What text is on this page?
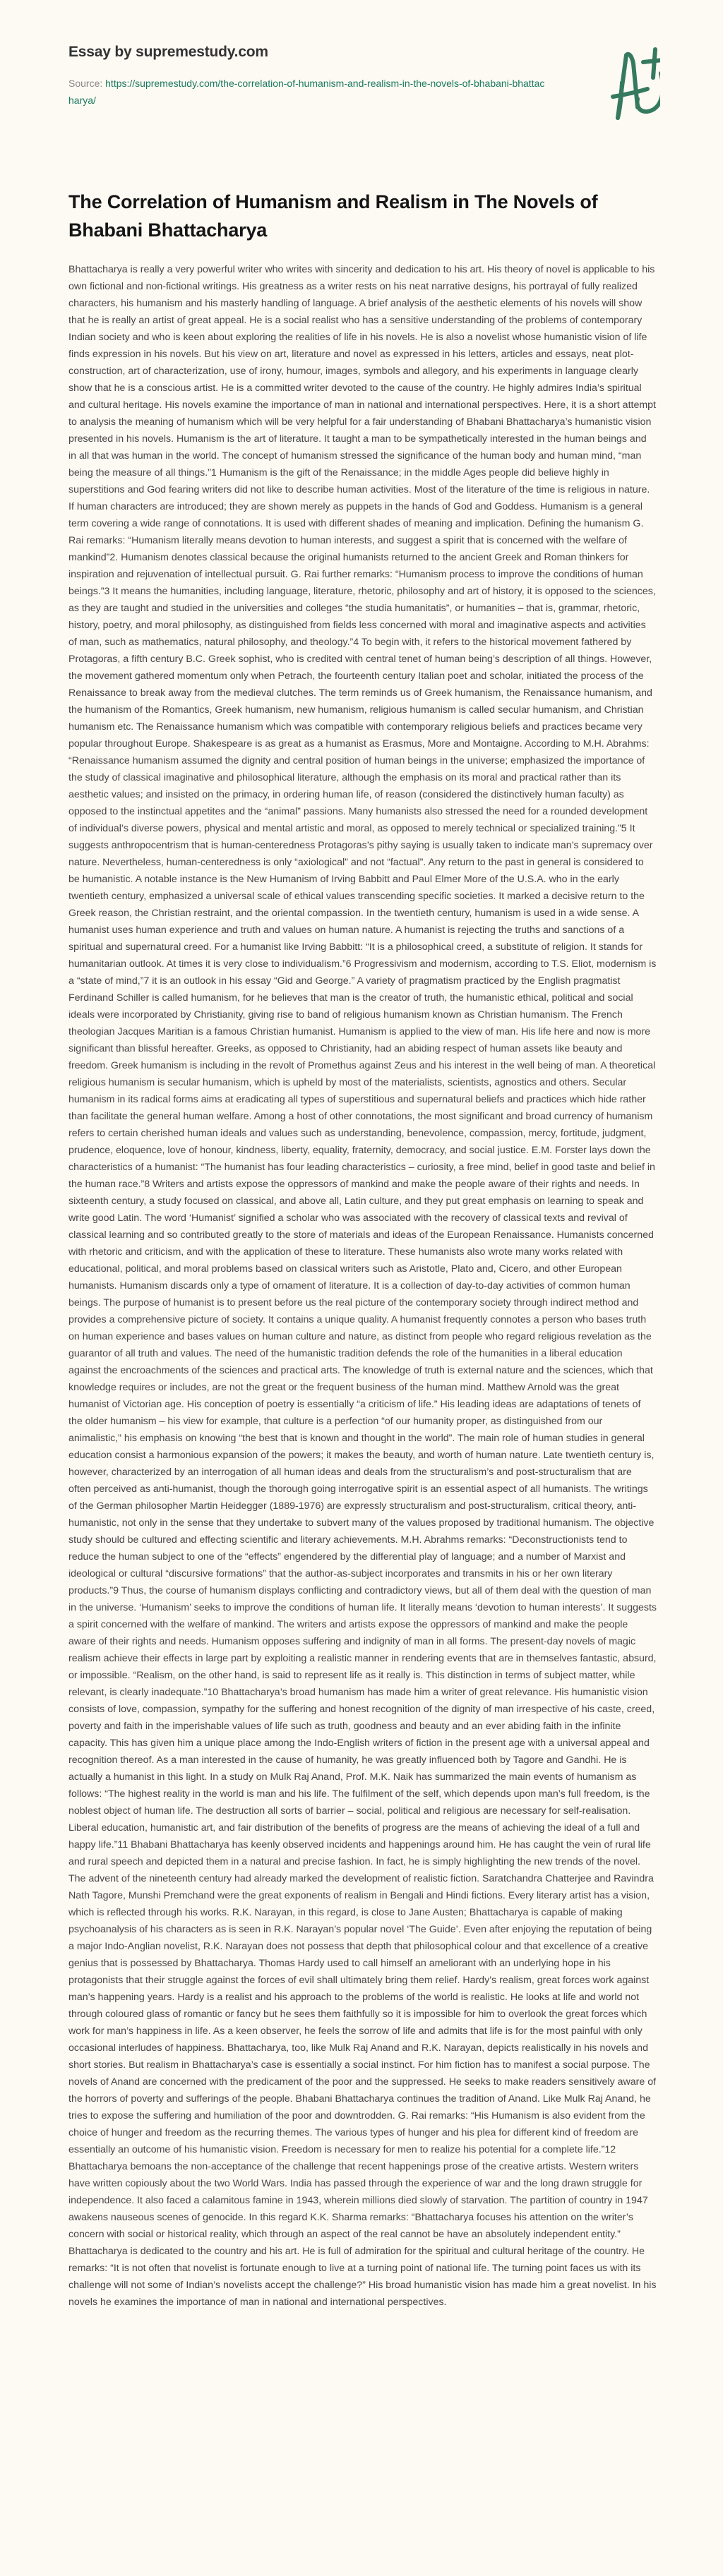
Essay by supremestudy.com
Source: https://supremestudy.com/the-correlation-of-humanism-and-realism-in-the-novels-of-bhabani-bhattacharya/
The Correlation of Humanism and Realism in The Novels of Bhabani Bhattacharya

Bhattacharya is really a very powerful writer who writes with sincerity and dedication to his art. His theory of novel is applicable to his own fictional and non-fictional writings. His greatness as a writer rests on his neat narrative designs, his portrayal of fully realized characters, his humanism and his masterly handling of language. A brief analysis of the aesthetic elements of his novels will show that he is really an artist of great appeal. He is a social realist who has a sensitive understanding of the problems of contemporary Indian society and who is keen about exploring the realities of life in his novels. He is also a novelist whose humanistic vision of life finds expression in his novels. But his view on art, literature and novel as expressed in his letters, articles and essays, neat plot-construction, art of characterization, use of irony, humour, images, symbols and allegory, and his experiments in language clearly show that he is a conscious artist. He is a committed writer devoted to the cause of the country. He highly admires India’s spiritual and cultural heritage. His novels examine the importance of man in national and international perspectives. Here, it is a short attempt to analysis the meaning of humanism which will be very helpful for a fair understanding of Bhabani Bhattacharya’s humanistic vision presented in his novels. Humanism is the art of literature. It taught a man to be sympathetically interested in the human beings and in all that was human in the world. The concept of humanism stressed the significance of the human body and human mind, “man being the measure of all things.”1 Humanism is the gift of the Renaissance; in the middle Ages people did believe highly in superstitions and God fearing writers did not like to describe human activities. Most of the literature of the time is religious in nature. If human characters are introduced; they are shown merely as puppets in the hands of God and Goddess. Humanism is a general term covering a wide range of connotations. It is used with different shades of meaning and implication. Defining the humanism G. Rai remarks: “Humanism literally means devotion to human interests, and suggest a spirit that is concerned with the welfare of mankind”2. Humanism denotes classical because the original humanists returned to the ancient Greek and Roman thinkers for inspiration and rejuvenation of intellectual pursuit. G. Rai further remarks: “Humanism process to improve the conditions of human beings.”3 It means the humanities, including language, literature, rhetoric, philosophy and art of history, it is opposed to the sciences, as they are taught and studied in the universities and colleges “the studia humanitatis”, or humanities – that is, grammar, rhetoric, history, poetry, and moral philosophy, as distinguished from fields less concerned with moral and imaginative aspects and activities of man, such as mathematics, natural philosophy, and theology.”4 To begin with, it refers to the historical movement fathered by Protagoras, a fifth century B.C. Greek sophist, who is credited with central tenet of human being’s description of all things. However, the movement gathered momentum only when Petrach, the fourteenth century Italian poet and scholar, initiated the process of the Renaissance to break away from the medieval clutches. The term reminds us of Greek humanism, the Renaissance humanism, and the humanism of the Romantics, Greek humanism, new humanism, religious humanism is called secular humanism, and Christian humanism etc. The Renaissance humanism which was compatible with contemporary religious beliefs and practices became very popular throughout Europe. Shakespeare is as great as a humanist as Erasmus, More and Montaigne. According to M.H. Abrahms: “Renaissance humanism assumed the dignity and central position of human beings in the universe; emphasized the importance of the study of classical imaginative and philosophical literature, although the emphasis on its moral and practical rather than its aesthetic values; and insisted on the primacy, in ordering human life, of reason (considered the distinctively human faculty) as opposed to the instinctual appetites and the “animal” passions. Many humanists also stressed the need for a rounded development of individual’s diverse powers, physical and mental artistic and moral, as opposed to merely technical or specialized training.”5 It suggests anthropocentrism that is human-centeredness Protagoras’s pithy saying is usually taken to indicate man’s supremacy over nature. Nevertheless, human-centeredness is only “axiological” and not “factual”. Any return to the past in general is considered to be humanistic. A notable instance is the New Humanism of Irving Babbitt and Paul Elmer More of the U.S.A. who in the early twentieth century, emphasized a universal scale of ethical values transcending specific societies. It marked a decisive return to the Greek reason, the Christian restraint, and the oriental compassion. In the twentieth century, humanism is used in a wide sense. A humanist uses human experience and truth and values on human nature. A humanist is rejecting the truths and sanctions of a spiritual and supernatural creed. For a humanist like Irving Babbitt: “It is a philosophical creed, a substitute of religion. It stands for humanitarian outlook. At times it is very close to individualism.”6 Progressivism and modernism, according to T.S. Eliot, modernism is a “state of mind,”7 it is an outlook in his essay “Gid and George.” A variety of pragmatism practiced by the English pragmatist Ferdinand Schiller is called humanism, for he believes that man is the creator of truth, the humanistic ethical, political and social ideals were incorporated by Christianity, giving rise to band of religious humanism known as Christian humanism. The French theologian Jacques Maritian is a famous Christian humanist. Humanism is applied to the view of man. His life here and now is more significant than blissful hereafter. Greeks, as opposed to Christianity, had an abiding respect of human assets like beauty and freedom. Greek humanism is including in the revolt of Promethus against Zeus and his interest in the well being of man. A theoretical religious humanism is secular humanism, which is upheld by most of the materialists, scientists, agnostics and others. Secular humanism in its radical forms aims at eradicating all types of superstitious and supernatural beliefs and practices which hide rather than facilitate the general human welfare. Among a host of other connotations, the most significant and broad currency of humanism refers to certain cherished human ideals and values such as understanding, benevolence, compassion, mercy, fortitude, judgment, prudence, eloquence, love of honour, kindness, liberty, equality, fraternity, democracy, and social justice. E.M. Forster lays down the characteristics of a humanist: “The humanist has four leading characteristics – curiosity, a free mind, belief in good taste and belief in the human race.”8 Writers and artists expose the oppressors of mankind and make the people aware of their rights and needs. In sixteenth century, a study focused on classical, and above all, Latin culture, and they put great emphasis on learning to speak and write good Latin. The word ‘Humanist’ signified a scholar who was associated with the recovery of classical texts and revival of classical learning and so contributed greatly to the store of materials and ideas of the European Renaissance. Humanists concerned with rhetoric and criticism, and with the application of these to literature. These humanists also wrote many works related with educational, political, and moral problems based on classical writers such as Aristotle, Plato and, Cicero, and other European humanists. Humanism discards only a type of ornament of literature. It is a collection of day-to-day activities of common human beings. The purpose of humanist is to present before us the real picture of the contemporary society through indirect method and provides a comprehensive picture of society. It contains a unique quality. A humanist frequently connotes a person who bases truth on human experience and bases values on human culture and nature, as distinct from people who regard religious revelation as the guarantor of all truth and values. The need of the humanistic tradition defends the role of the humanities in a liberal education against the encroachments of the sciences and practical arts. The knowledge of truth is external nature and the sciences, which that knowledge requires or includes, are not the great or the frequent business of the human mind. Matthew Arnold was the great humanist of Victorian age. His conception of poetry is essentially “a criticism of life.” His leading ideas are adaptations of tenets of the older humanism – his view for example, that culture is a perfection “of our humanity proper, as distinguished from our animalistic,” his emphasis on knowing “the best that is known and thought in the world”. The main role of human studies in general education consist a harmonious expansion of the powers; it makes the beauty, and worth of human nature. Late twentieth century is, however, characterized by an interrogation of all human ideas and deals from the structuralism’s and post-structuralism that are often perceived as anti-humanist, though the thorough going interrogative spirit is an essential aspect of all humanists. The writings of the German philosopher Martin Heidegger (1889-1976) are expressly structuralism and post-structuralism, critical theory, anti-humanistic, not only in the sense that they undertake to subvert many of the values proposed by traditional humanism. The objective study should be cultured and effecting scientific and literary achievements. M.H. Abrahms remarks: “Deconstructionists tend to reduce the human subject to one of the “effects” engendered by the differential play of language; and a number of Marxist and ideological or cultural “discursive formations” that the author-as-subject incorporates and transmits in his or her own literary products.”9 Thus, the course of humanism displays conflicting and contradictory views, but all of them deal with the question of man in the universe. ‘Humanism’ seeks to improve the conditions of human life. It literally means ‘devotion to human interests’. It suggests a spirit concerned with the welfare of mankind. The writers and artists expose the oppressors of mankind and make the people aware of their rights and needs. Humanism opposes suffering and indignity of man in all forms. The present-day novels of magic realism achieve their effects in large part by exploiting a realistic manner in rendering events that are in themselves fantastic, absurd, or impossible. “Realism, on the other hand, is said to represent life as it really is. This distinction in terms of subject matter, while relevant, is clearly inadequate.”10 Bhattacharya’s broad humanism has made him a writer of great relevance. His humanistic vision consists of love, compassion, sympathy for the suffering and honest recognition of the dignity of man irrespective of his caste, creed, poverty and faith in the imperishable values of life such as truth, goodness and beauty and an ever abiding faith in the infinite capacity. This has given him a unique place among the Indo-English writers of fiction in the present age with a universal appeal and recognition thereof. As a man interested in the cause of humanity, he was greatly influenced both by Tagore and Gandhi. He is actually a humanist in this light. In a study on Mulk Raj Anand, Prof. M.K. Naik has summarized the main events of humanism as follows: “The highest reality in the world is man and his life. The fulfilment of the self, which depends upon man’s full freedom, is the noblest object of human life. The destruction all sorts of barrier – social, political and religious are necessary for self-realisation. Liberal education, humanistic art, and fair distribution of the benefits of progress are the means of achieving the ideal of a full and happy life.”11 Bhabani Bhattacharya has keenly observed incidents and happenings around him. He has caught the vein of rural life and rural speech and depicted them in a natural and precise fashion. In fact, he is simply highlighting the new trends of the novel. The advent of the nineteenth century had already marked the development of realistic fiction. Saratchandra Chatterjee and Ravindra Nath Tagore, Munshi Premchand were the great exponents of realism in Bengali and Hindi fictions. Every literary artist has a vision, which is reflected through his works. R.K. Narayan, in this regard, is close to Jane Austen; Bhattacharya is capable of making psychoanalysis of his characters as is seen in R.K. Narayan’s popular novel ‘The Guide’. Even after enjoying the reputation of being a major Indo-Anglian novelist, R.K. Narayan does not possess that depth that philosophical colour and that excellence of a creative genius that is possessed by Bhattacharya. Thomas Hardy used to call himself an ameliorant with an underlying hope in his protagonists that their struggle against the forces of evil shall ultimately bring them relief. Hardy’s realism, great forces work against man’s happening years. Hardy is a realist and his approach to the problems of the world is realistic. He looks at life and world not through coloured glass of romantic or fancy but he sees them faithfully so it is impossible for him to overlook the great forces which work for man’s happiness in life. As a keen observer, he feels the sorrow of life and admits that life is for the most painful with only occasional interludes of happiness. Bhattacharya, too, like Mulk Raj Anand and R.K. Narayan, depicts realistically in his novels and short stories. But realism in Bhattacharya’s case is essentially a social instinct. For him fiction has to manifest a social purpose. The novels of Anand are concerned with the predicament of the poor and the suppressed. He seeks to make readers sensitively aware of the horrors of poverty and sufferings of the people. Bhabani Bhattacharya continues the tradition of Anand. Like Mulk Raj Anand, he tries to expose the suffering and humiliation of the poor and downtrodden. G. Rai remarks: “His Humanism is also evident from the choice of hunger and freedom as the recurring themes. The various types of hunger and his plea for different kind of freedom are essentially an outcome of his humanistic vision. Freedom is necessary for men to realize his potential for a complete life.”12 Bhattacharya bemoans the non-acceptance of the challenge that recent happenings prose of the creative artists. Western writers have written copiously about the two World Wars. India has passed through the experience of war and the long drawn struggle for independence. It also faced a calamitous famine in 1943, wherein millions died slowly of starvation. The partition of country in 1947 awakens nauseous scenes of genocide. In this regard K.K. Sharma remarks: “Bhattacharya focuses his attention on the writer’s concern with social or historical reality, which through an aspect of the real cannot be have an absolutely independent entity.” Bhattacharya is dedicated to the country and his art. He is full of admiration for the spiritual and cultural heritage of the country. He remarks: “It is not often that novelist is fortunate enough to live at a turning point of national life. The turning point faces us with its challenge will not some of Indian’s novelists accept the challenge?” His broad humanistic vision has made him a great novelist. In his novels he examines the importance of man in national and international perspectives.
